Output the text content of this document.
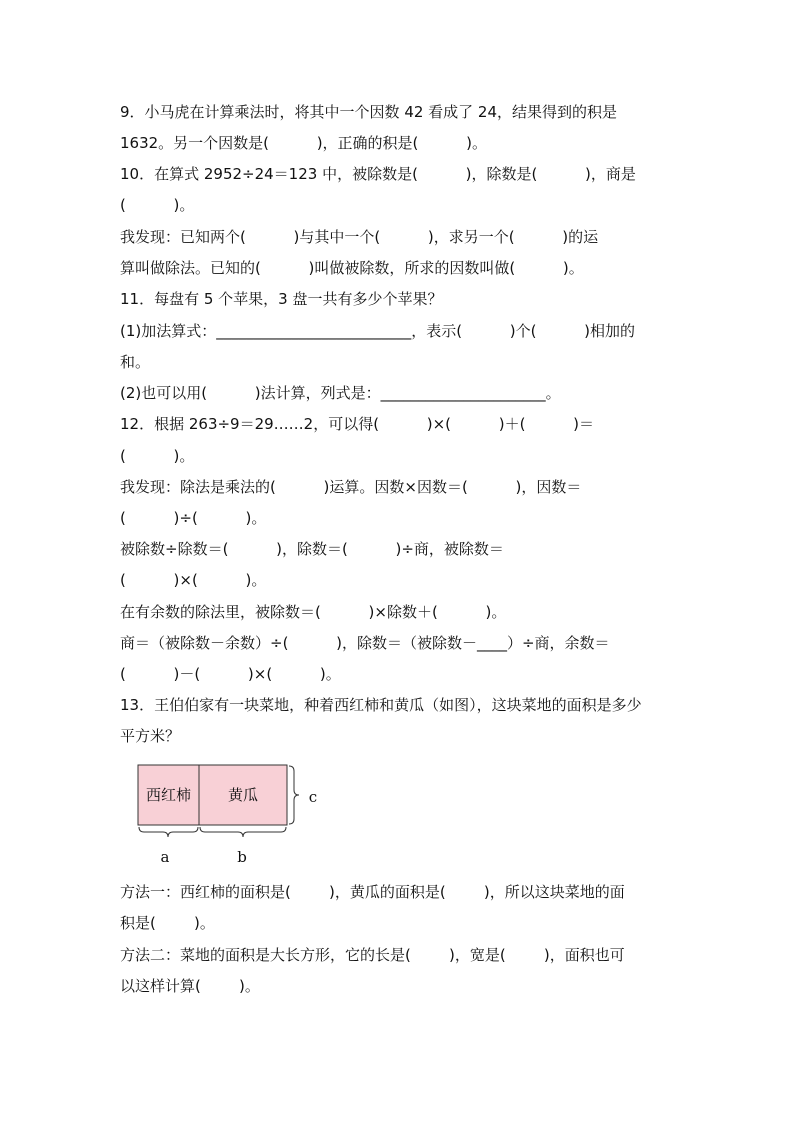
9．小马虎在计算乘法时，将其中一个因数 42 看成了 24，结果得到的积是
1632。另一个因数是(          )，正确的积是(          )。
10．在算式 2952÷24＝123 中，被除数是(          )，除数是(          )，商是
(          )。
我发现：已知两个(          )与其中一个(          )，求另一个(          )的运
算叫做除法。已知的(          )叫做被除数，所求的因数叫做(          )。
11．每盘有 5 个苹果，3 盘一共有多少个苹果？
(1)加法算式：__________________________，表示(          )个(          )相加的
和。
(2)也可以用(          )法计算，列式是：______________________。
12．根据 263÷9＝29……2，可以得(          )×(          )＋(          )＝
(          )。
我发现：除法是乘法的(          )运算。因数×因数＝(          )，因数＝
(          )÷(          )。
被除数÷除数＝(          )，除数＝(          )÷商，被除数＝
(          )×(          )。
在有余数的除法里，被除数＝(          )×除数＋(          )。
商＝（被除数－余数）÷(          )，除数＝（被除数－____）÷商，余数＝
(          )－(          )×(          )。
13．王伯伯家有一块菜地，种着西红柿和黄瓜（如图），这块菜地的面积是多少
平方米？
西红柿 黄瓜
a	b
c
方法一：西红柿的面积是(        )，黄瓜的面积是(        )，所以这块菜地的面
积是(        )。
方法二：菜地的面积是大长方形，它的长是(        )，宽是(        )，面积也可
以这样计算(        )。
